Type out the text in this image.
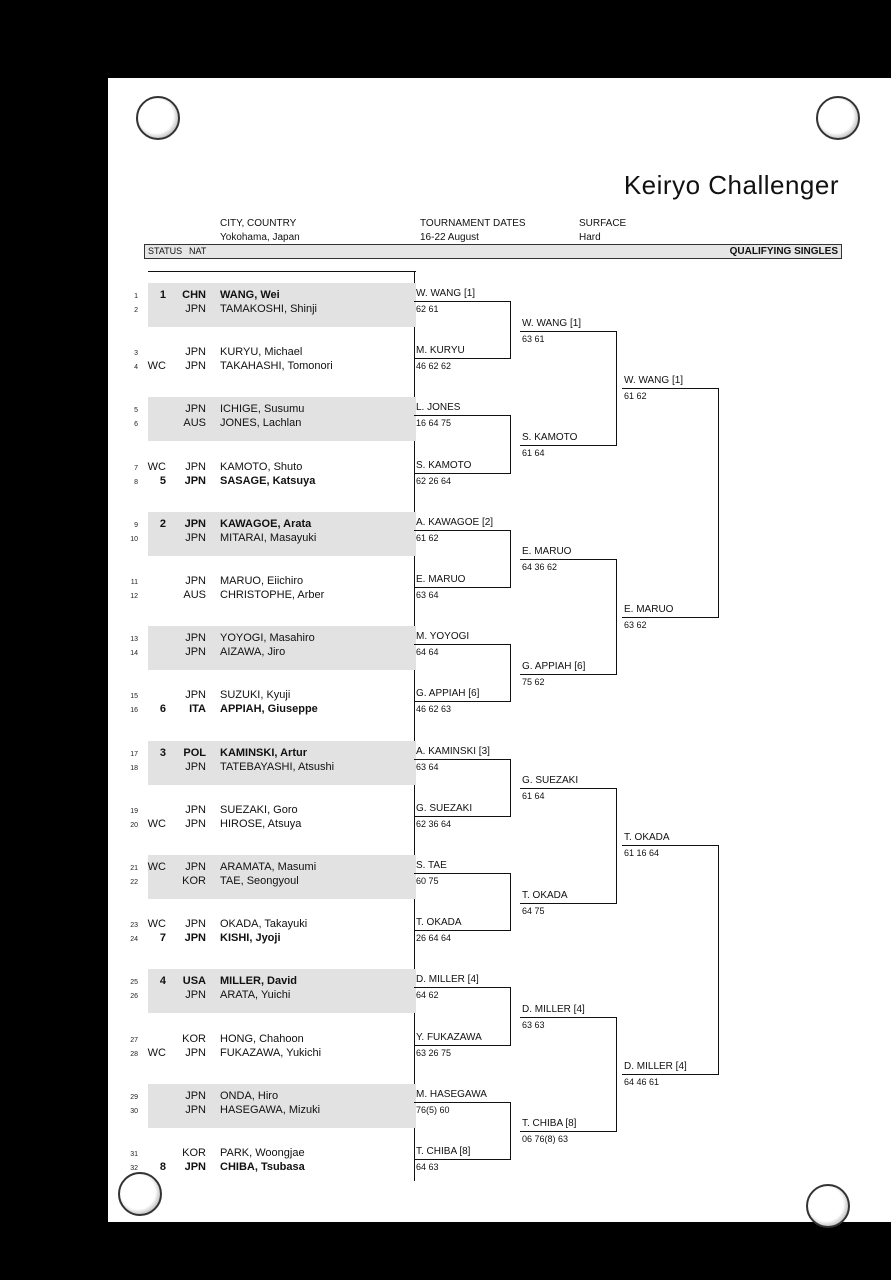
Keiryo Challenger
CITY, COUNTRY
Yokohama, Japan
TOURNAMENT DATES
16-22 August
SURFACE
Hard
STATUS NAT	QUALIFYING SINGLES
1	1	CHN WANG, Wei
2	JPN TAMAKOSHI, Shinji
3	JPN KURYU, Michael
4 WC	JPN TAKAHASHI, Tomonori
5	JPN ICHIGE, Susumu
6	AUS JONES, Lachlan
7 WC	JPN KAMOTO, Shuto
8	5	JPN SASAGE, Katsuya
9	2	JPN KAWAGOE, Arata
10	JPN MITARAI, Masayuki
11	JPN MARUO, Eiichiro
12	AUS CHRISTOPHE, Arber
13	JPN YOYOGI, Masahiro
14	JPN AIZAWA, Jiro
15	JPN SUZUKI, Kyuji
16	6	ITA APPIAH, Giuseppe
17	3	POL KAMINSKI, Artur
18	JPN TATEBAYASHI, Atsushi
19	JPN SUEZAKI, Goro
20 WC	JPN HIROSE, Atsuya
21 WC	JPN ARAMATA, Masumi
22	KOR TAE, Seongyoul
23 WC	JPN OKADA, Takayuki
24	7	JPN KISHI, Jyoji
25	4	USA MILLER, David
26	JPN ARATA, Yuichi
27	KOR HONG, Chahoon
28 WC	JPN FUKAZAWA, Yukichi
29	JPN ONDA, Hiro
30	JPN HASEGAWA, Mizuki
31	KOR PARK, Woongjae
32	8	JPN CHIBA, Tsubasa
W. WANG [1]
62 61
M. KURYU
46 62 62
L. JONES
16 64 75
S. KAMOTO
62 26 64
A. KAWAGOE [2]
61 62
E. MARUO
63 64
M. YOYOGI
64 64
G. APPIAH [6]
46 62 63
A. KAMINSKI [3]
63 64
G. SUEZAKI
62 36 64
S. TAE
60 75
T. OKADA
26 64 64
D. MILLER [4]
64 62
Y. FUKAZAWA
63 26 75
M. HASEGAWA
76(5) 60
T. CHIBA [8]
64 63
W. WANG [1]
63 61
S. KAMOTO
61 64
E. MARUO
64 36 62
G. APPIAH [6]
75 62
G. SUEZAKI
61 64
T. OKADA
64 75
D. MILLER [4]
63 63
T. CHIBA [8]
06 76(8) 63
W. WANG [1]
61 62
E. MARUO
63 62
T. OKADA
61 16 64
D. MILLER [4]
64 46 61
